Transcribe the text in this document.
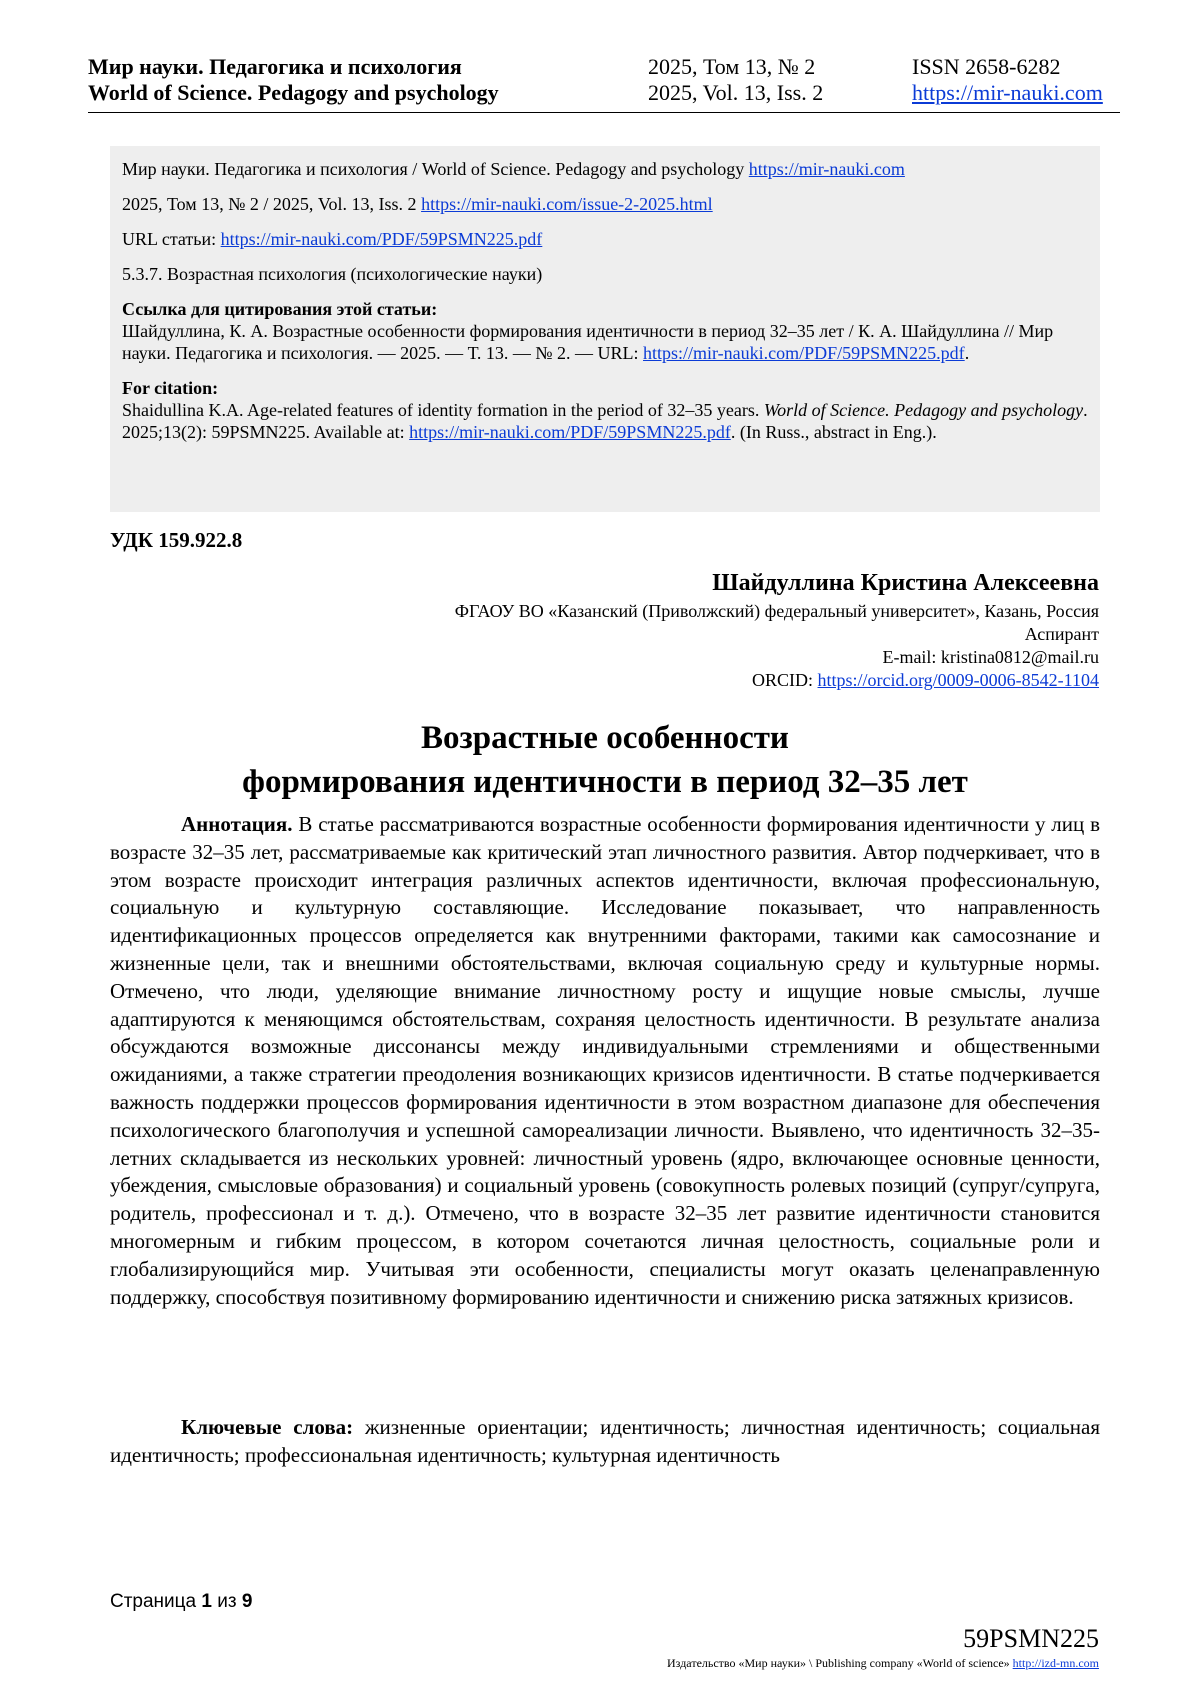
Мир науки. Педагогика и психология
World of Science. Pedagogy and psychology
2025, Том 13, № 2
2025, Vol. 13, Iss. 2
ISSN 2658-6282
https://mir-nauki.com

Мир науки. Педагогика и психология / World of Science. Pedagogy and psychology https://mir-nauki.com

2025, Том 13, № 2 / 2025, Vol. 13, Iss. 2 https://mir-nauki.com/issue-2-2025.html

URL статьи: https://mir-nauki.com/PDF/59PSMN225.pdf

5.3.7. Возрастная психология (психологические науки)

Ссылка для цитирования этой статьи:
Шайдуллина, К. А. Возрастные особенности формирования идентичности в период 32–35 лет / К. А. Шайдуллина // Мир науки. Педагогика и психология. — 2025. — Т. 13. — № 2. — URL: https://mir-nauki.com/PDF/59PSMN225.pdf.

For citation:
Shaidullina K.A. Age-related features of identity formation in the period of 32–35 years. World of Science. Pedagogy and psychology. 2025;13(2): 59PSMN225. Available at: https://mir-nauki.com/PDF/59PSMN225.pdf. (In Russ., abstract in Eng.).

УДК 159.922.8
Шайдуллина Кристина Алексеевна
ФГАОУ ВО «Казанский (Приволжский) федеральный университет», Казань, Россия
Аспирант
E-mail: kristina0812@mail.ru
ORCID: https://orcid.org/0009-0006-8542-1104
Возрастные особенности
формирования идентичности в период 32–35 лет

Аннотация. В статье рассматриваются возрастные особенности формирования идентичности у лиц в возрасте 32–35 лет, рассматриваемые как критический этап личностного развития. Автор подчеркивает, что в этом возрасте происходит интеграция различных аспектов идентичности, включая профессиональную, социальную и культурную составляющие. Исследование показывает, что направленность идентификационных процессов определяется как внутренними факторами, такими как самосознание и жизненные цели, так и внешними обстоятельствами, включая социальную среду и культурные нормы. Отмечено, что люди, уделяющие внимание личностному росту и ищущие новые смыслы, лучше адаптируются к меняющимся обстоятельствам, сохраняя целостность идентичности. В результате анализа обсуждаются возможные диссонансы между индивидуальными стремлениями и общественными ожиданиями, а также стратегии преодоления возникающих кризисов идентичности. В статье подчеркивается важность поддержки процессов формирования идентичности в этом возрастном диапазоне для обеспечения психологического благополучия и успешной самореализации личности. Выявлено, что идентичность 32–35-летних складывается из нескольких уровней: личностный уровень (ядро, включающее основные ценности, убеждения, смысловые образования) и социальный уровень (совокупность ролевых позиций (супруг/супруга, родитель, профессионал и т. д.). Отмечено, что в возрасте 32–35 лет развитие идентичности становится многомерным и гибким процессом, в котором сочетаются личная целостность, социальные роли и глобализирующийся мир. Учитывая эти особенности, специалисты могут оказать целенаправленную поддержку, способствуя позитивному формированию идентичности и снижению риска затяжных кризисов.

Ключевые слова: жизненные ориентации; идентичность; личностная идентичность; социальная идентичность; профессиональная идентичность; культурная идентичность

Страница 1 из 9
59PSMN225
Издательство «Мир науки» \ Publishing company «World of science» http://izd-mn.com
